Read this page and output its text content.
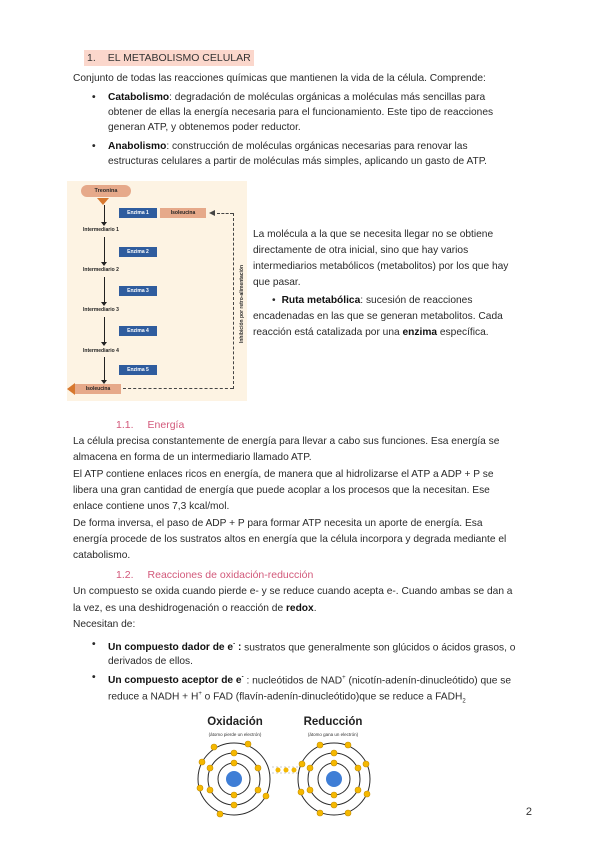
1. EL METABOLISMO CELULAR
Conjunto de todas las reacciones químicas que mantienen la vida de la célula. Comprende:
• Catabolismo: degradación de moléculas orgánicas a moléculas más sencillas para
obtener de ellas la energía necesaria para el funcionamiento. Este tipo de reacciones
generan ATP, y obtenemos poder reductor.
• Anabolismo: construcción de moléculas orgánicas necesarias para renovar las
estructuras celulares a partir de moléculas más simples, aplicando un gasto de ATP.
Treonina
Enzima 1	Isoleucina
Intermediario 1
Enzima 2
Intermediario 2
Enzima 3
Intermediario 3
Enzima 4
Intermediario 4
Enzima 5
Isoleucina
Inhibición por retro-alimentación
La molécula a la que se necesita llegar no se obtiene
directamente de otra inicial, sino que hay varios
intermediarios metabólicos (metabolitos) por los que hay
que pasar.
• Ruta metabólica: sucesión de reacciones
encadenadas en las que se generan metabolitos. Cada
reacción está catalizada por una enzima específica.
1.1. Energía
La célula precisa constantemente de energía para llevar a cabo sus funciones. Esa energía se
almacena en forma de un intermediario llamado ATP.
El ATP contiene enlaces ricos en energía, de manera que al hidrolizarse el ATP a ADP + P se
libera una gran cantidad de energía que puede acoplar a los procesos que la necesitan. Ese
enlace contiene unos 7,3 kcal/mol.
De forma inversa, el paso de ADP + P para formar ATP necesita un aporte de energía. Esa
energía procede de los sustratos altos en energía que la célula incorpora y degrada mediante el
catabolismo.
1.2. Reacciones de oxidación-reducción
Un compuesto se oxida cuando pierde e- y se reduce cuando acepta e-. Cuando ambas se dan a
la vez, es una deshidrogenación o reacción de redox.
Necesitan de:
• Un compuesto dador de e- : sustratos que generalmente son glúcidos o ácidos grasos, o
derivados de ellos.
• Un compuesto aceptor de e- : nucleótidos de NAD+ (nicotín-adenín-dinucleótido) que se
reduce a NADH + H+ o FAD (flavín-adenín-dinucleótido)que se reduce a $FADH_2$
Oxidación
(átomo pierde un electrón)
Reducción
(átomo gana un electrón)
2
